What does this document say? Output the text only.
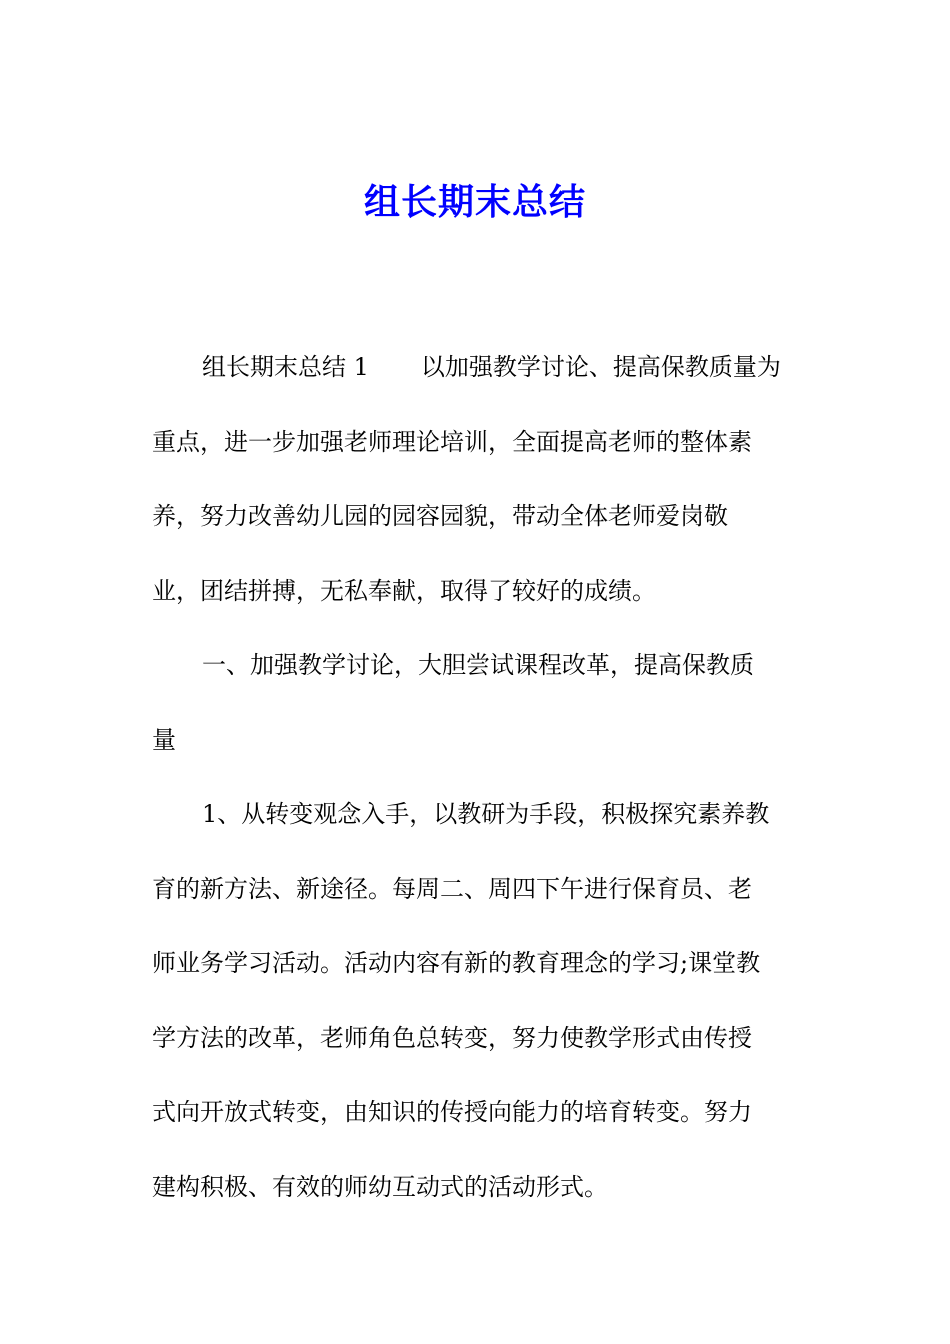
组长期末总结

组长期末总结 1 以加强教学讨论、提高保教质量为
重点，进一步加强老师理论培训，全面提高老师的整体素
养，努力改善幼儿园的园容园貌，带动全体老师爱岗敬
业，团结拼搏，无私奉献，取得了较好的成绩。

一、加强教学讨论，大胆尝试课程改革，提高保教质
量

1、从转变观念入手，以教研为手段，积极探究素养教
育的新方法、新途径。每周二、周四下午进行保育员、老
师业务学习活动。活动内容有新的教育理念的学习;课堂教
学方法的改革，老师角色总转变，努力使教学形式由传授
式向开放式转变，由知识的传授向能力的培育转变。努力
建构积极、有效的师幼互动式的活动形式。
